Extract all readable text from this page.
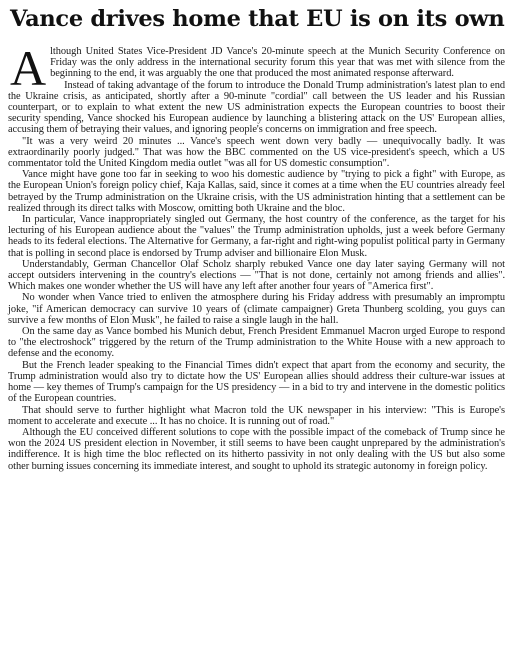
Vance drives home that EU is on its own

Although United States Vice-President JD Vance's 20-minute speech at the Munich Security Conference on Friday was the only address in the international security forum this year that was met with silence from the beginning to the end, it was arguably the one that produced the most animated response afterward.

Instead of taking advantage of the forum to introduce the Donald Trump administration's latest plan to end the Ukraine crisis, as anticipated, shortly after a 90-minute "cordial" call between the US leader and his Russian counterpart, or to explain to what extent the new US administration expects the European countries to boost their security spending, Vance shocked his European audience by launching a blistering attack on the US' European allies, accusing them of betraying their values, and ignoring people's concerns on immigration and free speech.

"It was a very weird 20 minutes ... Vance's speech went down very badly — unequivocally badly. It was extraordinarily poorly judged." That was how the BBC commented on the US vice-president's speech, which a US commentator told the United Kingdom media outlet "was all for US domestic consumption".

Vance might have gone too far in seeking to woo his domestic audience by "trying to pick a fight" with Europe, as the European Union's foreign policy chief, Kaja Kallas, said, since it comes at a time when the EU countries already feel betrayed by the Trump administration on the Ukraine crisis, with the US administration hinting that a settlement can be realized through its direct talks with Moscow, omitting both Ukraine and the bloc.

In particular, Vance inappropriately singled out Germany, the host country of the conference, as the target for his lecturing of his European audience about the "values" the Trump administration upholds, just a week before Germany heads to its federal elections. The Alternative for Germany, a far-right and right-wing populist political party in Germany that is polling in second place is endorsed by Trump adviser and billionaire Elon Musk.

Understandably, German Chancellor Olaf Scholz sharply rebuked Vance one day later saying Germany will not accept outsiders intervening in the country's elections — "That is not done, certainly not among friends and allies". Which makes one wonder whether the US will have any left after another four years of "America first".

No wonder when Vance tried to enliven the atmosphere during his Friday address with presumably an impromptu joke, "if American democracy can survive 10 years of (climate campaigner) Greta Thunberg scolding, you guys can survive a few months of Elon Musk", he failed to raise a single laugh in the hall.

On the same day as Vance bombed his Munich debut, French President Emmanuel Macron urged Europe to respond to "the electroshock" triggered by the return of the Trump administration to the White House with a new approach to defense and the economy.

But the French leader speaking to the Financial Times didn't expect that apart from the economy and security, the Trump administration would also try to dictate how the US' European allies should address their culture-war issues at home — key themes of Trump's campaign for the US presidency — in a bid to try and intervene in the domestic politics of the European countries.

That should serve to further highlight what Macron told the UK newspaper in his interview: "This is Europe's moment to accelerate and execute ... It has no choice. It is running out of road."

Although the EU conceived different solutions to cope with the possible impact of the comeback of Trump since he won the 2024 US president election in November, it still seems to have been caught unprepared by the administration's indifference. It is high time the bloc reflected on its hitherto passivity in not only dealing with the US but also some other burning issues concerning its immediate interest, and sought to uphold its strategic autonomy in foreign policy.
